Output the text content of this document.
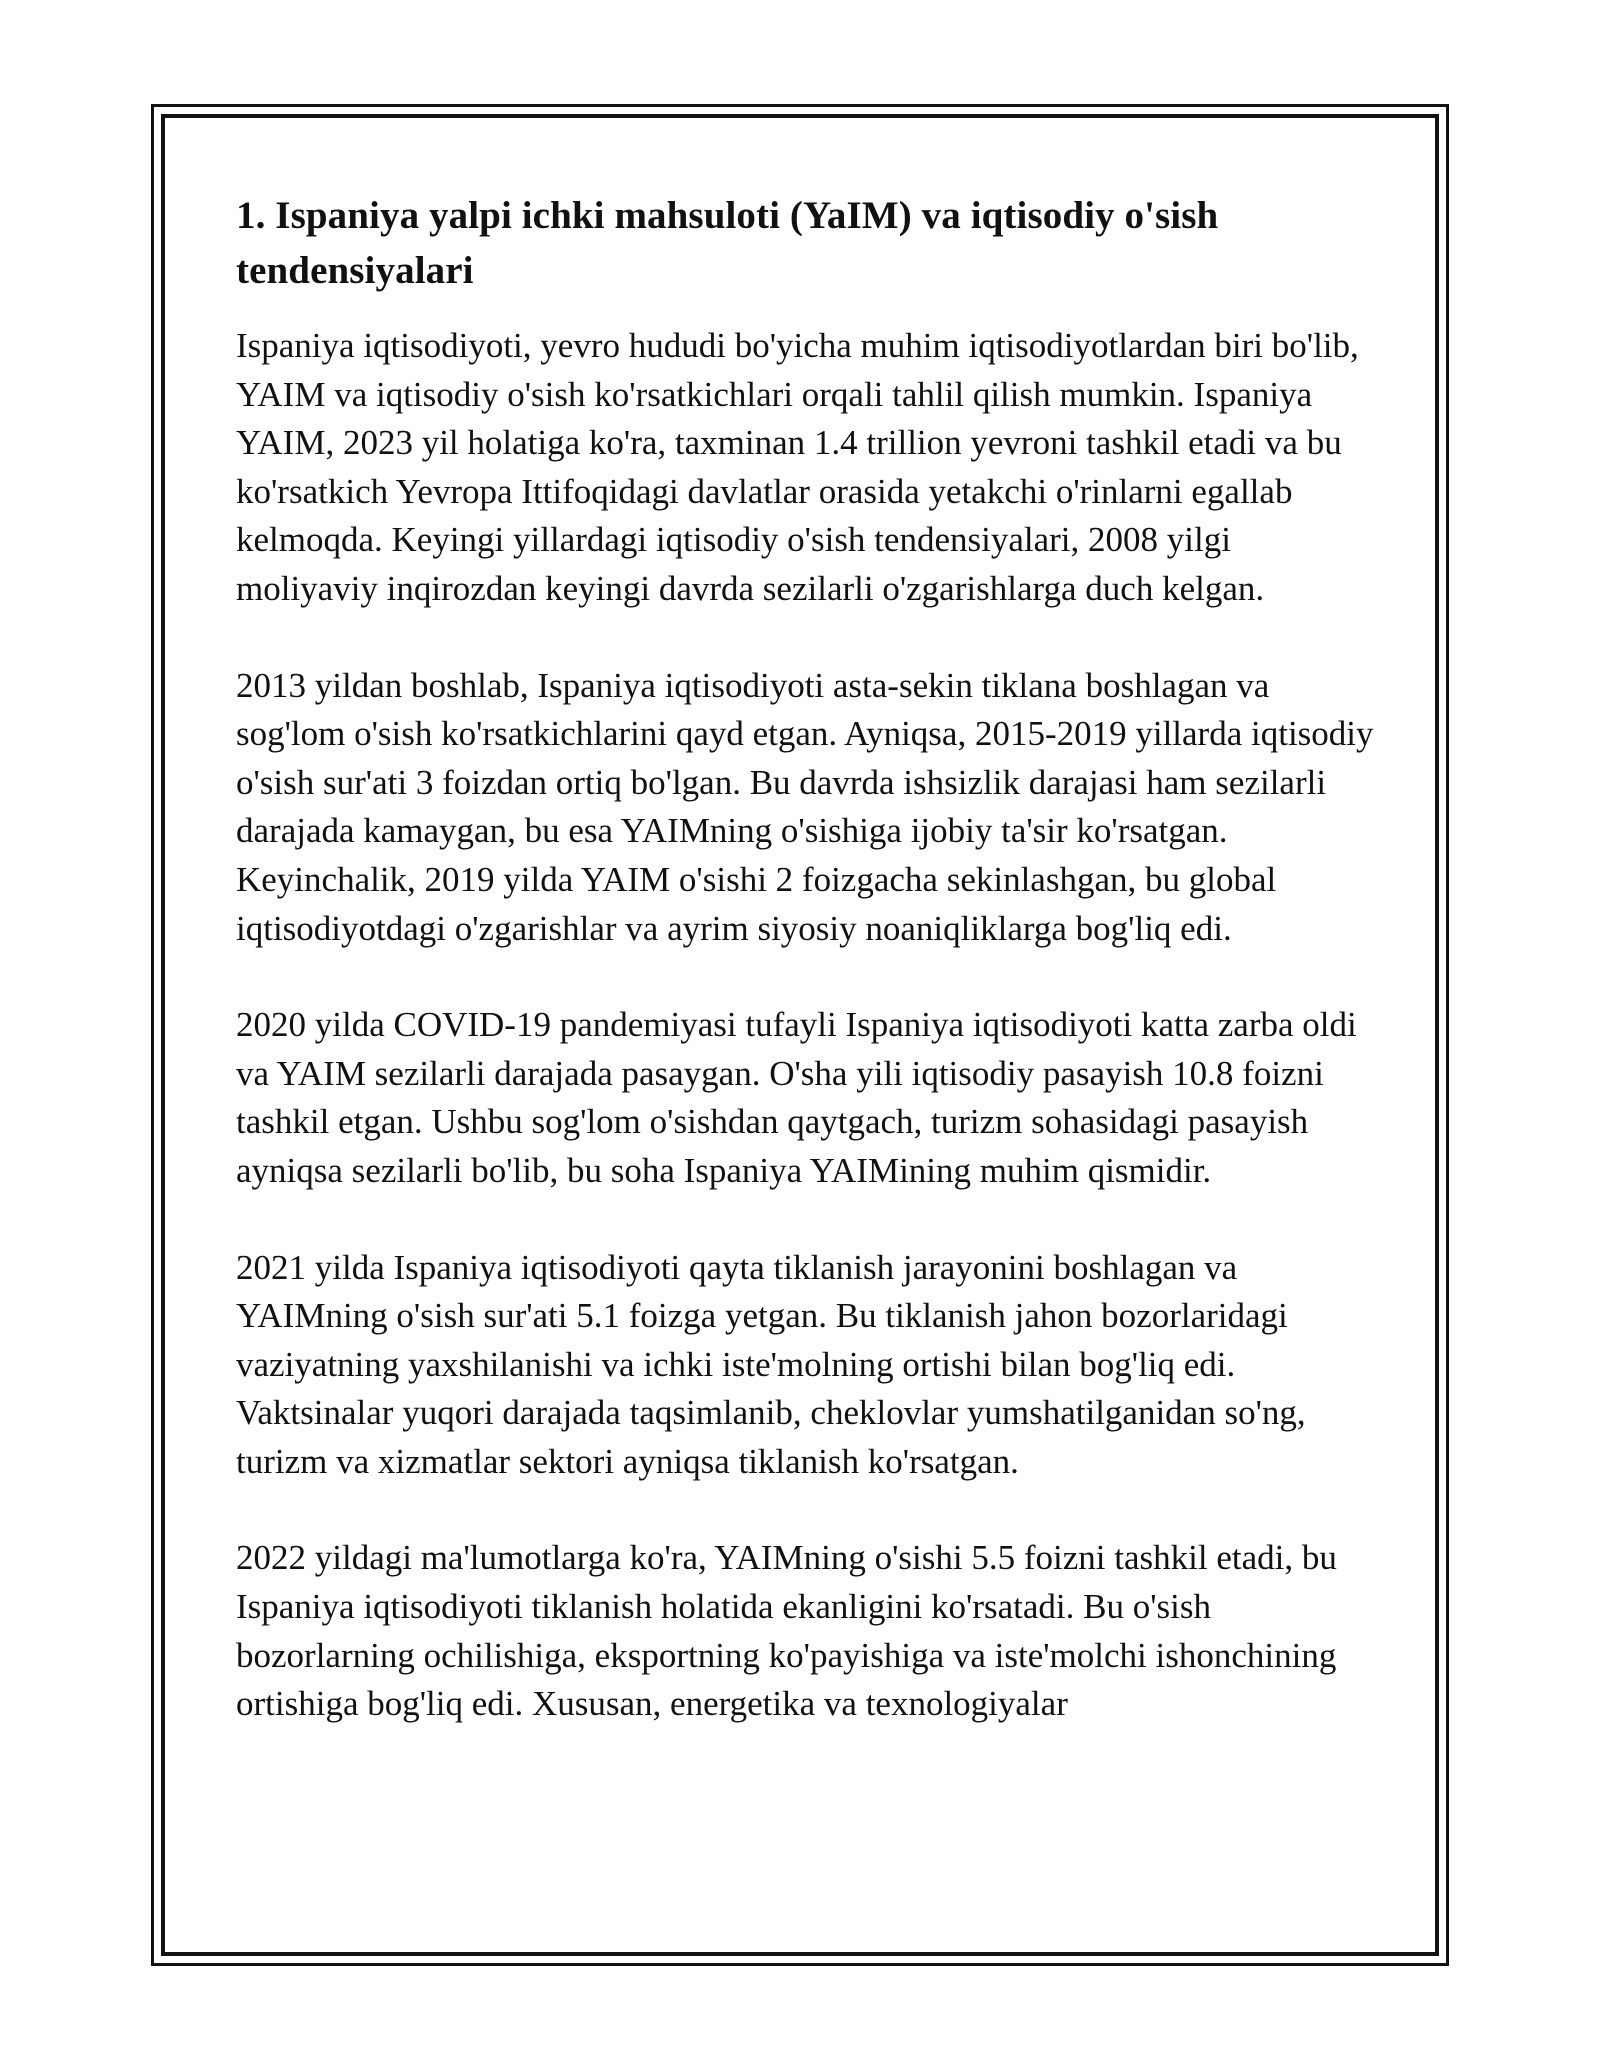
1. Ispaniya yalpi ichki mahsuloti (YaIM) va iqtisodiy o'sish tendensiyalari

Ispaniya iqtisodiyoti, yevro hududi bo'yicha muhim iqtisodiyotlardan biri bo'lib, YAIM va iqtisodiy o'sish ko'rsatkichlari orqali tahlil qilish mumkin. Ispaniya YAIM, 2023 yil holatiga ko'ra, taxminan 1.4 trillion yevroni tashkil etadi va bu ko'rsatkich Yevropa Ittifoqidagi davlatlar orasida yetakchi o'rinlarni egallab kelmoqda. Keyingi yillardagi iqtisodiy o'sish tendensiyalari, 2008 yilgi moliyaviy inqirozdan keyingi davrda sezilarli o'zgarishlarga duch kelgan.

2013 yildan boshlab, Ispaniya iqtisodiyoti asta-sekin tiklana boshlagan va sog'lom o'sish ko'rsatkichlarini qayd etgan. Ayniqsa, 2015-2019 yillarda iqtisodiy o'sish sur'ati 3 foizdan ortiq bo'lgan. Bu davrda ishsizlik darajasi ham sezilarli darajada kamaygan, bu esa YAIMning o'sishiga ijobiy ta'sir ko'rsatgan. Keyinchalik, 2019 yilda YAIM o'sishi 2 foizgacha sekinlashgan, bu global iqtisodiyotdagi o'zgarishlar va ayrim siyosiy noaniqliklarga bog'liq edi.

2020 yilda COVID-19 pandemiyasi tufayli Ispaniya iqtisodiyoti katta zarba oldi va YAIM sezilarli darajada pasaygan. O'sha yili iqtisodiy pasayish 10.8 foizni tashkil etgan. Ushbu sog'lom o'sishdan qaytgach, turizm sohasidagi pasayish ayniqsa sezilarli bo'lib, bu soha Ispaniya YAIMining muhim qismidir.

2021 yilda Ispaniya iqtisodiyoti qayta tiklanish jarayonini boshlagan va YAIMning o'sish sur'ati 5.1 foizga yetgan. Bu tiklanish jahon bozorlaridagi vaziyatning yaxshilanishi va ichki iste'molning ortishi bilan bog'liq edi. Vaktsinalar yuqori darajada taqsimlanib, cheklovlar yumshatilganidan so'ng, turizm va xizmatlar sektori ayniqsa tiklanish ko'rsatgan.

2022 yildagi ma'lumotlarga ko'ra, YAIMning o'sishi 5.5 foizni tashkil etadi, bu Ispaniya iqtisodiyoti tiklanish holatida ekanligini ko'rsatadi. Bu o'sish bozorlarning ochilishiga, eksportning ko'payishiga va iste'molchi ishonchining ortishiga bog'liq edi. Xususan, energetika va texnologiyalar
